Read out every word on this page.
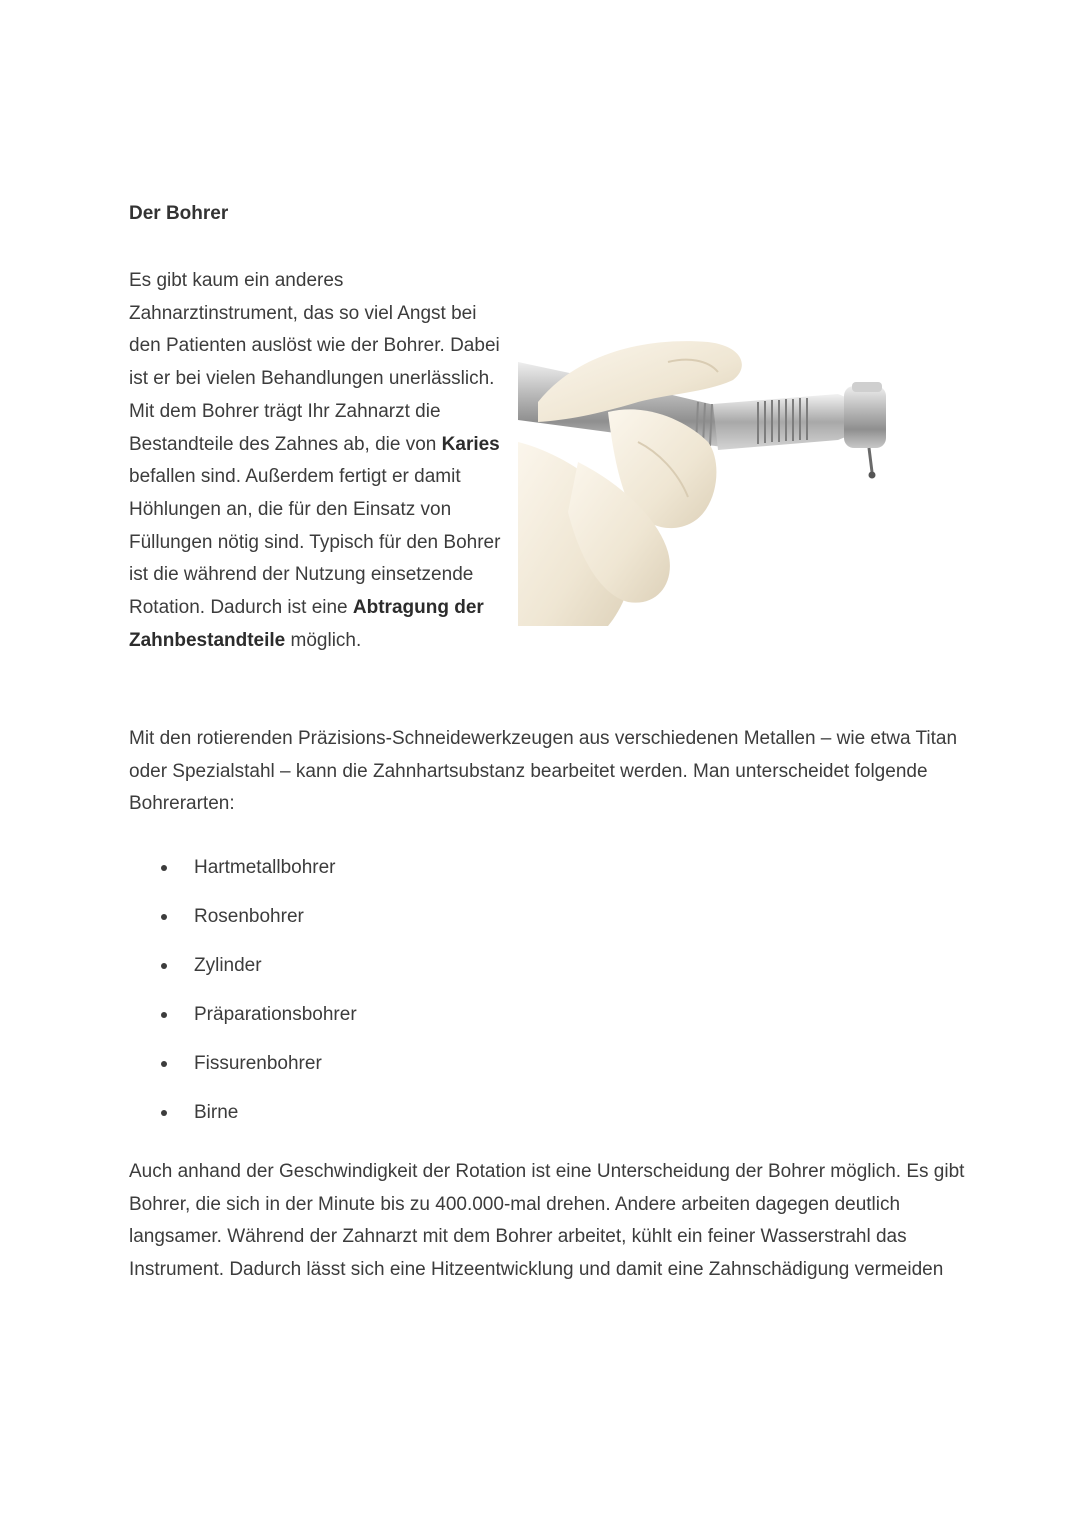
Der Bohrer

Es gibt kaum ein anderes Zahnarztinstrument, das so viel Angst bei den Patienten auslöst wie der Bohrer. Dabei ist er bei vielen Behandlungen unerlässlich. Mit dem Bohrer trägt Ihr Zahnarzt die Bestandteile des Zahnes ab, die von Karies befallen sind. Außerdem fertigt er damit Höhlungen an, die für den Einsatz von Füllungen nötig sind. Typisch für den Bohrer ist die während der Nutzung einsetzende Rotation. Dadurch ist eine Abtragung der Zahnbestandteile möglich.

Mit den rotierenden Präzisions-Schneidewerkzeugen aus verschiedenen Metallen – wie etwa Titan oder Spezialstahl – kann die Zahnhartsubstanz bearbeitet werden. Man unterscheidet folgende Bohrerarten:

Hartmetallbohrer
Rosenbohrer
Zylinder
Präparationsbohrer
Fissurenbohrer
Birne

Auch anhand der Geschwindigkeit der Rotation ist eine Unterscheidung der Bohrer möglich. Es gibt Bohrer, die sich in der Minute bis zu 400.000-mal drehen. Andere arbeiten dagegen deutlich langsamer. Während der Zahnarzt mit dem Bohrer arbeitet, kühlt ein feiner Wasserstrahl das Instrument. Dadurch lässt sich eine Hitzeentwicklung und damit eine Zahnschädigung vermeiden
